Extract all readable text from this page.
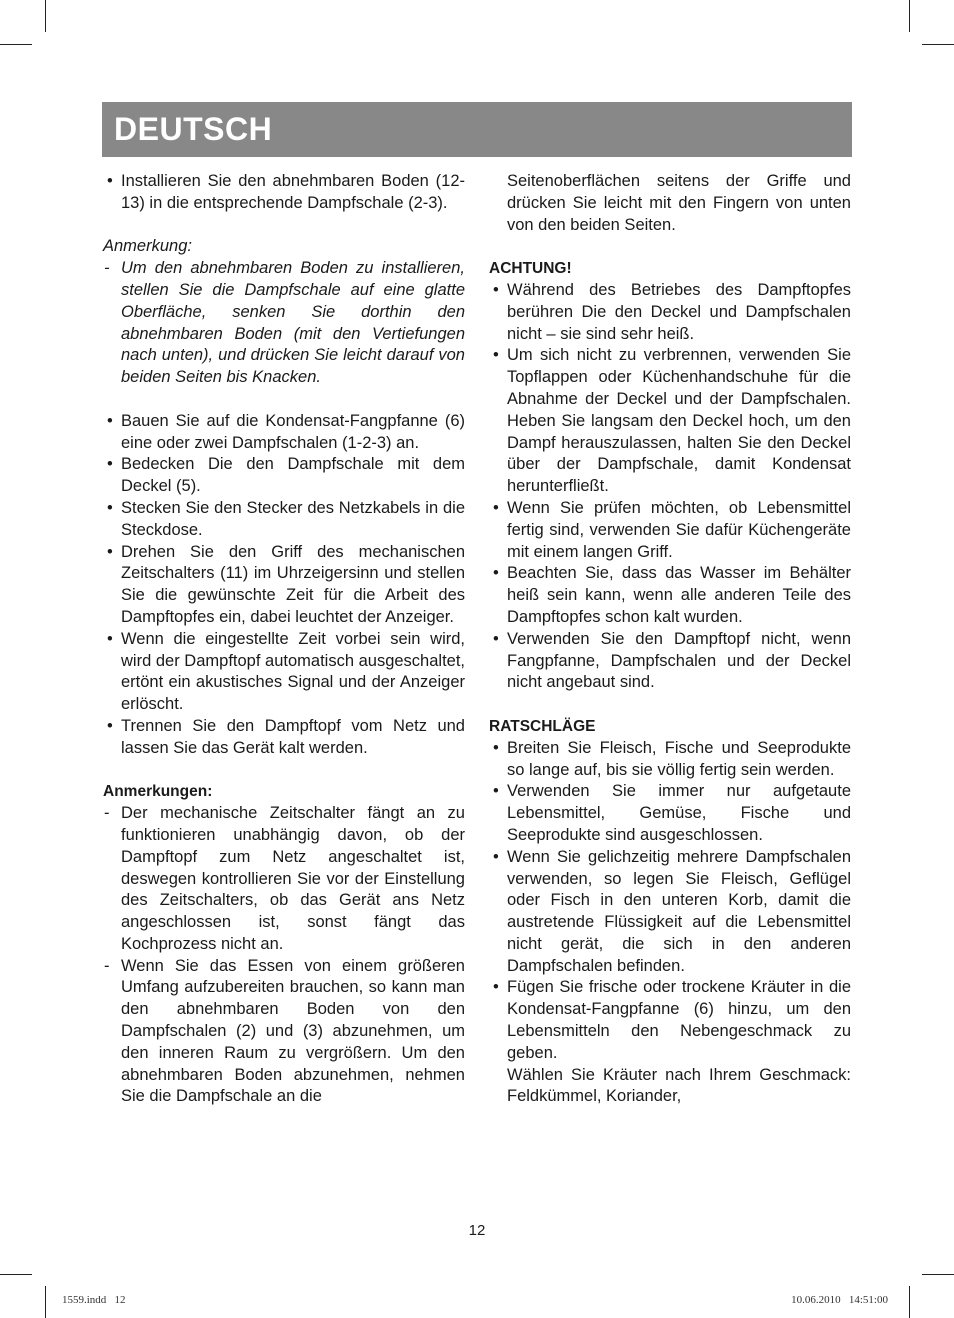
DEUTSCH
• Installieren Sie den abnehmbaren Boden (12-13) in die entsprechende Dampfschale (2-3).
Anmerkung:
- Um den abnehmbaren Boden zu installieren, stellen Sie die Dampfschale auf eine glatte Oberfläche, senken Sie dorthin den abnehmbaren Boden (mit den Vertiefungen nach unten), und drücken Sie leicht darauf von beiden Seiten bis Knacken.
• Bauen Sie auf die Kondensat-Fangpfanne (6) eine oder zwei Dampfschalen (1-2-3) an.
• Bedecken Die den Dampfschale mit dem Deckel (5).
• Stecken Sie den Stecker des Netzkabels in die Steckdose.
• Drehen Sie den Griff des mechanischen Zeitschalters (11) im Uhrzeigersinn und stellen Sie die gewünschte Zeit für die Arbeit des Dampftopfes ein, dabei leuchtet der Anzeiger.
• Wenn die eingestellte Zeit vorbei sein wird, wird der Dampftopf automatisch ausgeschaltet, ertönt ein akustisches Signal und der Anzeiger erlöscht.
• Trennen Sie den Dampftopf vom Netz und lassen Sie das Gerät kalt werden.
Anmerkungen:
- Der mechanische Zeitschalter fängt an zu funktionieren unabhängig davon, ob der Dampftopf zum Netz angeschaltet ist, deswegen kontrollieren Sie vor der Einstellung des Zeitschalters, ob das Gerät ans Netz angeschlossen ist, sonst fängt das Kochprozess nicht an.
- Wenn Sie das Essen von einem größeren Umfang aufzubereiten brauchen, so kann man den abnehmbaren Boden von den Dampfschalen (2) und (3) abzunehmen, um den inneren Raum zu vergrößern. Um den abnehmbaren Boden abzunehmen, nehmen Sie die Dampfschale an die
Seitenoberflächen seitens der Griffe und drücken Sie leicht mit den Fingern von unten von den beiden Seiten.
ACHTUNG!
• Während des Betriebes des Dampftopfes berühren Die den Deckel und Dampfschalen nicht – sie sind sehr heiß.
• Um sich nicht zu verbrennen, verwenden Sie Topflappen oder Küchenhandschuhe für die Abnahme der Deckel und der Dampfschalen. Heben Sie langsam den Deckel hoch, um den Dampf herauszulassen, halten Sie den Deckel über der Dampfschale, damit Kondensat herunterfließt.
• Wenn Sie prüfen möchten, ob Lebensmittel fertig sind, verwenden Sie dafür Küchengeräte mit einem langen Griff.
• Beachten Sie, dass das Wasser im Behälter heiß sein kann, wenn alle anderen Teile des Dampftopfes schon kalt wurden.
• Verwenden Sie den Dampftopf nicht, wenn Fangpfanne, Dampfschalen und der Deckel nicht angebaut sind.
RATSCHLÄGE
• Breiten Sie Fleisch, Fische und Seeprodukte so lange auf, bis sie völlig fertig sein werden.
• Verwenden Sie immer nur aufgetaute Lebensmittel, Gemüse, Fische und Seeprodukte sind ausgeschlossen.
• Wenn Sie gelichzeitig mehrere Dampfschalen verwenden, so legen Sie Fleisch, Geflügel oder Fisch in den unteren Korb, damit die austretende Flüssigkeit auf die Lebensmittel nicht gerät, die sich in den anderen Dampfschalen befinden.
• Fügen Sie frische oder trockene Kräuter in die Kondensat-Fangpfanne (6) hinzu, um den Lebensmitteln den Nebengeschmack zu geben.
Wählen Sie Kräuter nach Ihrem Geschmack: Feldkümmel, Koriander,
12
1559.indd   12	10.06.2010   14:51:00
